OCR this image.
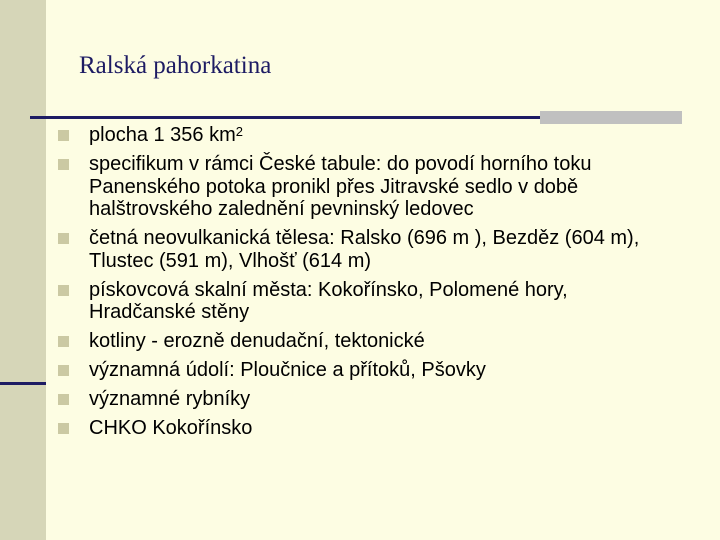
Ralská pahorkatina
plocha 1 356 $km^2$
specifikum v rámci České tabule: do povodí horního toku Panenského potoka pronikl přes Jitravské sedlo v době halštrovského zalednění pevninský ledovec
četná neovulkanická tělesa: Ralsko (696 m ), Bezděz (604 m), Tlustec (591 m), Vlhošť (614 m)
pískovcová skalní města: Kokořínsko, Polomené hory, Hradčanské stěny
kotliny - erozně denudační, tektonické
významná údolí: Ploučnice a přítoků, Pšovky
významné rybníky
CHKO Kokořínsko
